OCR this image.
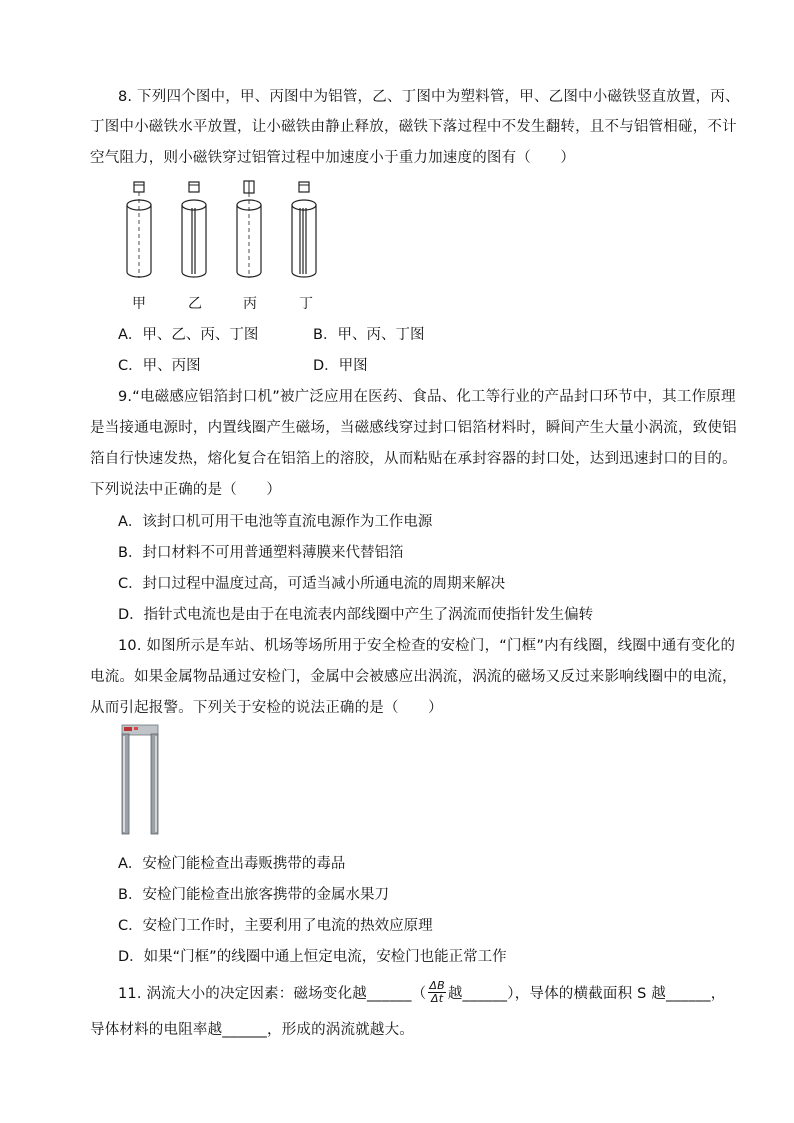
8. 下列四个图中，甲、丙图中为铝管，乙、丁图中为塑料管，甲、乙图中小磁铁竖直放置，丙、
丁图中小磁铁水平放置，让小磁铁由静止释放，磁铁下落过程中不发生翻转，且不与铝管相碰，不计
空气阻力，则小磁铁穿过铝管过程中加速度小于重力加速度的图有（　　）
甲	乙	丙	丁
A．甲、乙、丙、丁图	B．甲、丙、丁图
C．甲、丙图	D．甲图
9.“电磁感应铝箔封口机”被广泛应用在医药、食品、化工等行业的产品封口环节中，其工作原理
是当接通电源时，内置线圈产生磁场，当磁感线穿过封口铝箔材料时，瞬间产生大量小涡流，致使铝
箔自行快速发热，熔化复合在铝箔上的溶胶，从而粘贴在承封容器的封口处，达到迅速封口的目的。
下列说法中正确的是（　　）
A．该封口机可用干电池等直流电源作为工作电源
B．封口材料不可用普通塑料薄膜来代替铝箔
C．封口过程中温度过高，可适当减小所通电流的周期来解决
D．指针式电流也是由于在电流表内部线圈中产生了涡流而使指针发生偏转
10. 如图所示是车站、机场等场所用于安全检查的安检门，“门框”内有线圈，线圈中通有变化的
电流。如果金属物品通过安检门，金属中会被感应出涡流，涡流的磁场又反过来影响线圈中的电流，
从而引起报警。下列关于安检的说法正确的是（　　）
A．安检门能检查出毒贩携带的毒品
B．安检门能检查出旅客携带的金属水果刀
C．安检门工作时，主要利用了电流的热效应原理
D．如果“门框”的线圈中通上恒定电流，安检门也能正常工作
11. 涡流大小的决定因素：磁场变化越______（ $\frac{\Delta B}{\Delta t}$ 越______），导体的横截面积 S 越______，
导体材料的电阻率越______，形成的涡流就越大。
